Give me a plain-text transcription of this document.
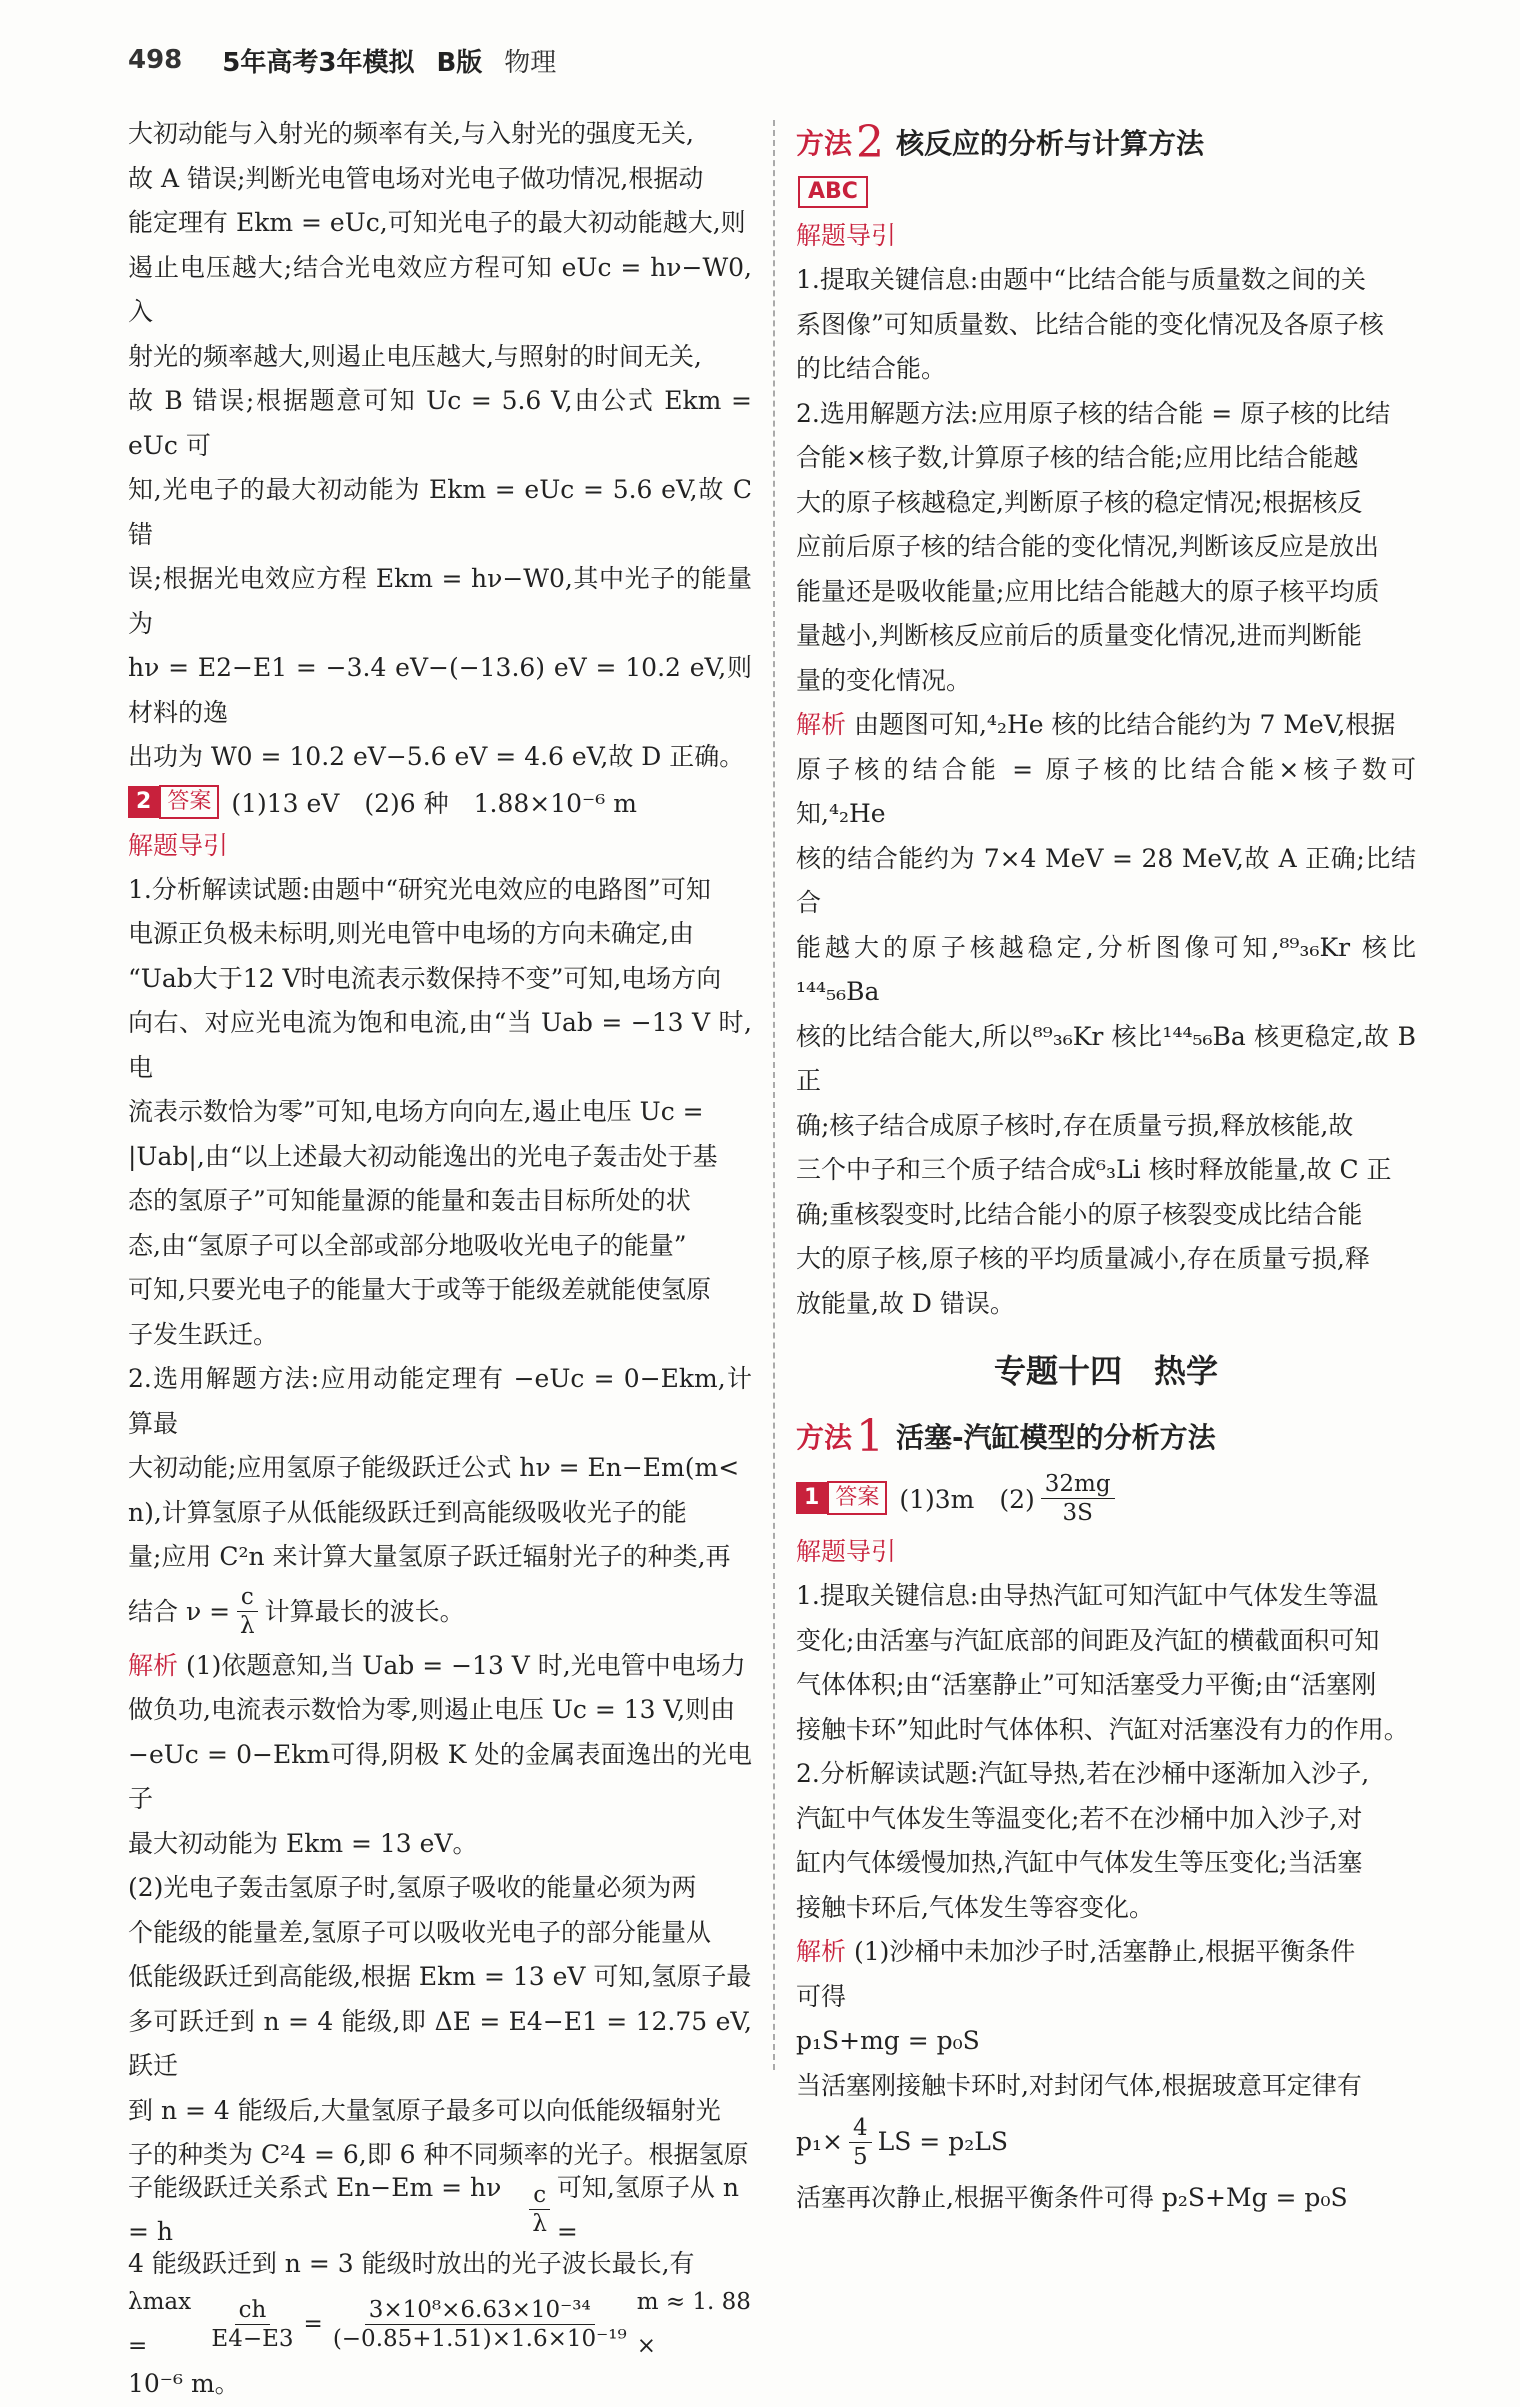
498 5年高考3年模拟 B版 物理

大初动能与入射光的频率有关,与入射光的强度无关,

故 A 错误;判断光电管电场对光电子做功情况,根据动

能定理有 Ekm = eUc,可知光电子的最大初动能越大,则

遏止电压越大;结合光电效应方程可知 eUc = hν−W0,入

射光的频率越大,则遏止电压越大,与照射的时间无关,

故 B 错误;根据题意可知 Uc = 5.6 V,由公式 Ekm = eUc 可

知,光电子的最大初动能为 Ekm = eUc = 5.6 eV,故 C 错

误;根据光电效应方程 Ekm = hν−W0,其中光子的能量为

hν = E2−E1 = −3.4 eV−(−13.6) eV = 10.2 eV,则材料的逸

出功为 W0 = 10.2 eV−5.6 eV = 4.6 eV,故 D 正确。

2 答案 (1)13 eV　(2)6 种　1.88×10⁻⁶ m
解题导引

1.分析解读试题:由题中“研究光电效应的电路图”可知

电源正负极未标明,则光电管中电场的方向未确定,由

“Uab大于12 V时电流表示数保持不变”可知,电场方向

向右、对应光电流为饱和电流,由“当 Uab = −13 V 时,电

流表示数恰为零”可知,电场方向向左,遏止电压 Uc =

|Uab|,由“以上述最大初动能逸出的光电子轰击处于基

态的氢原子”可知能量源的能量和轰击目标所处的状

态,由“氢原子可以全部或部分地吸收光电子的能量”

可知,只要光电子的能量大于或等于能级差就能使氢原

子发生跃迁。

2.选用解题方法:应用动能定理有 −eUc = 0−Ekm,计算最

大初动能;应用氢原子能级跃迁公式 hν = En−Em(m<

n),计算氢原子从低能级跃迁到高能级吸收光子的能

量;应用 C²n 来计算大量氢原子跃迁辐射光子的种类,再

结合 $\nu = \frac{c}{\lambda}$ 计算最长的波长。

解析 (1)依题意知,当 Uab = −13 V 时,光电管中电场力

做负功,电流表示数恰为零,则遏止电压 Uc = 13 V,则由

−eUc = 0−Ekm可得,阴极 K 处的金属表面逸出的光电子

最大初动能为 Ekm = 13 eV。

(2)光电子轰击氢原子时,氢原子吸收的能量必须为两

个能级的能量差,氢原子可以吸收光电子的部分能量从

低能级跃迁到高能级,根据 Ekm = 13 eV 可知,氢原子最

多可跃迁到 n = 4 能级,即 ΔE = E4−E1 = 12.75 eV,跃迁

到 n = 4 能级后,大量氢原子最多可以向低能级辐射光

子的种类为 C²4 = 6,即 6 种不同频率的光子。根据氢原

子能级跃迁关系式 En−Em = hν = h	$\frac{c}{\lambda}$ 可知,氢原子从 n =

4 能级跃迁到 n = 3 能级时放出的光子波长最长,有

λmax =	$\frac{ch}{E4-E3} = \frac{\text{3×10⁸×6.63×10⁻³⁴}}{\text{(−0.85+1.51)×1.6×10⁻¹⁹}}$ m ≈ 1. 88 ×

10⁻⁶ m。

方法 2 核反应的分析与计算方法
ABC
解题导引

1.提取关键信息:由题中“比结合能与质量数之间的关

系图像”可知质量数、比结合能的变化情况及各原子核

的比结合能。

2.选用解题方法:应用原子核的结合能 = 原子核的比结

合能×核子数,计算原子核的结合能;应用比结合能越

大的原子核越稳定,判断原子核的稳定情况;根据核反

应前后原子核的结合能的变化情况,判断该反应是放出

能量还是吸收能量;应用比结合能越大的原子核平均质

量越小,判断核反应前后的质量变化情况,进而判断能

量的变化情况。

解析 由题图可知,⁴₂He 核的比结合能约为 7 MeV,根据

原子核的结合能 = 原子核的比结合能×核子数可知,⁴₂He

核的结合能约为 7×4 MeV = 28 MeV,故 A 正确;比结合

能越大的原子核越稳定,分析图像可知,⁸⁹₃₆Kr 核比¹⁴⁴₅₆Ba

核的比结合能大,所以⁸⁹₃₆Kr 核比¹⁴⁴₅₆Ba 核更稳定,故 B 正

确;核子结合成原子核时,存在质量亏损,释放核能,故

三个中子和三个质子结合成⁶₃Li 核时释放能量,故 C 正

确;重核裂变时,比结合能小的原子核裂变成比结合能

大的原子核,原子核的平均质量减小,存在质量亏损,释

放能量,故 D 错误。

专题十四　热学
方法 1 活塞-汽缸模型的分析方法
1 答案 (1)3m　$(2) \frac{32mg}{3S}$
解题导引

1.提取关键信息:由导热汽缸可知汽缸中气体发生等温

变化;由活塞与汽缸底部的间距及汽缸的横截面积可知

气体体积;由“活塞静止”可知活塞受力平衡;由“活塞刚

接触卡环”知此时气体体积、汽缸对活塞没有力的作用。

2.分析解读试题:汽缸导热,若在沙桶中逐渐加入沙子,

汽缸中气体发生等温变化;若不在沙桶中加入沙子,对

缸内气体缓慢加热,汽缸中气体发生等压变化;当活塞

接触卡环后,气体发生等容变化。

解析 (1)沙桶中未加沙子时,活塞静止,根据平衡条件

可得

p₁S+mg = p₀S

当活塞刚接触卡环时,对封闭气体,根据玻意耳定律有

$p_1\times \frac{4}{5}$ LS = p₂LS

活塞再次静止,根据平衡条件可得 p₂S+Mg = p₀S
